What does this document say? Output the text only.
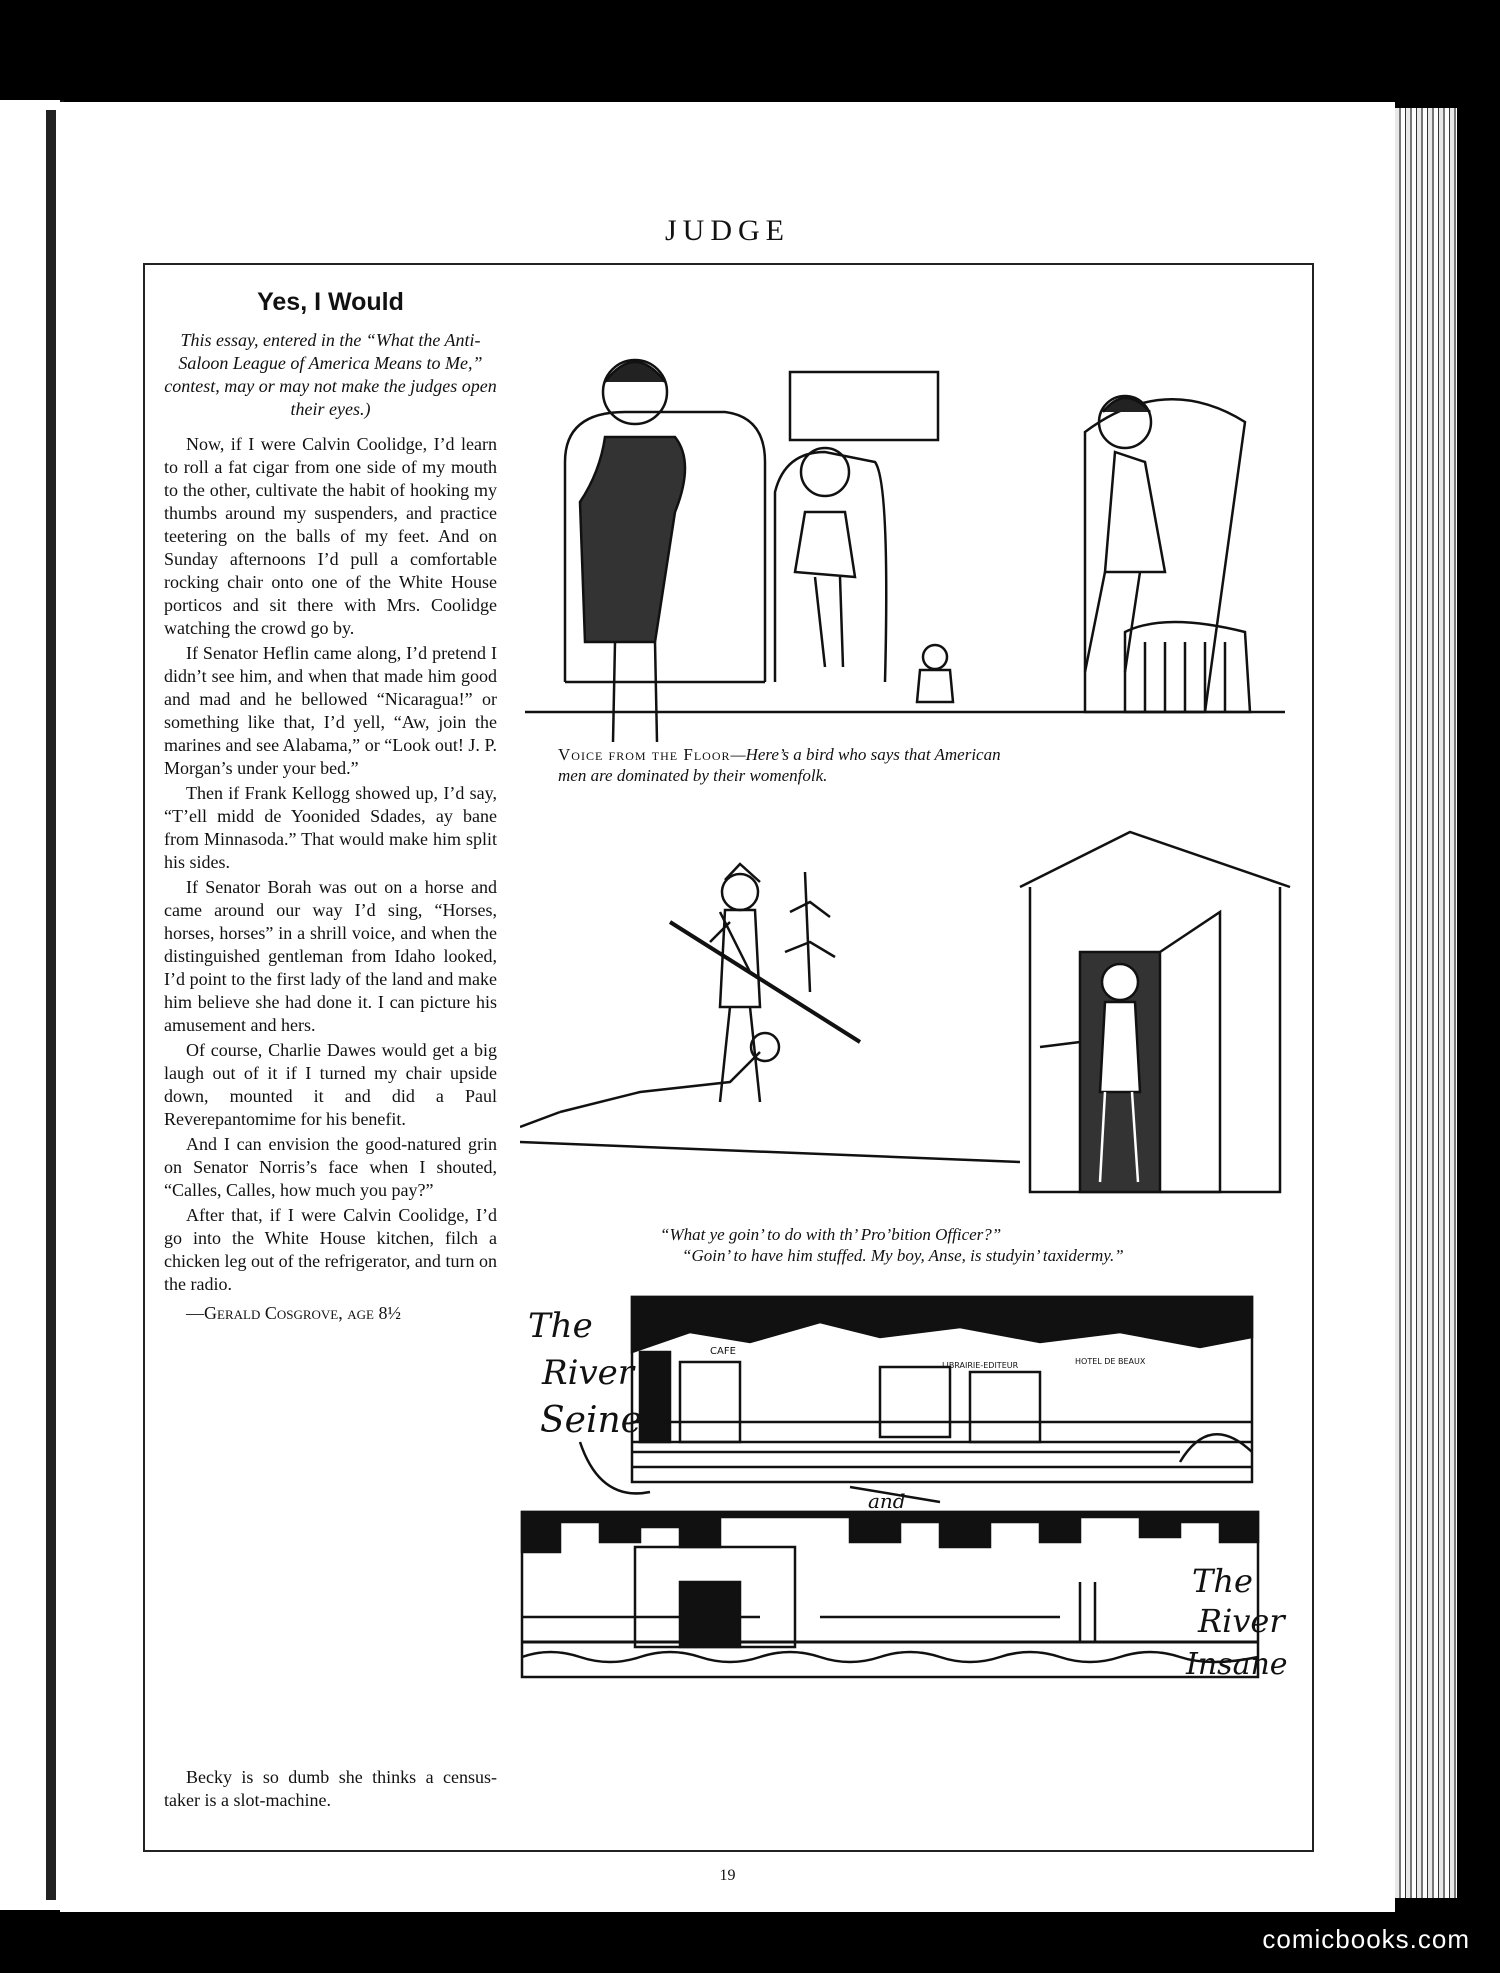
JUDGE
Yes, I Would

This essay, entered in the “What the Anti-Saloon League of America Means to Me,” contest, may or may not make the judges open their eyes.)

Now, if I were Calvin Coolidge, I’d learn to roll a fat cigar from one side of my mouth to the other, cultivate the habit of hooking my thumbs around my suspenders, and practice teetering on the balls of my feet. And on Sunday afternoons I’d pull a comfortable rocking chair onto one of the White House porticos and sit there with Mrs. Coolidge watching the crowd go by.

If Senator Heflin came along, I’d pretend I didn’t see him, and when that made him good and mad and he bellowed “Nicaragua!” or something like that, I’d yell, “Aw, join the marines and see Alabama,” or “Look out! J. P. Morgan’s under your bed.”

Then if Frank Kellogg showed up, I’d say, “T’ell midd de Yoonided Sdades, ay bane from Minnasoda.” That would make him split his sides.

If Senator Borah was out on a horse and came around our way I’d sing, “Horses, horses, horses” in a shrill voice, and when the distinguished gentleman from Idaho looked, I’d point to the first lady of the land and make him believe she had done it. I can picture his amusement and hers.

Of course, Charlie Dawes would get a big laugh out of it if I turned my chair upside down, mounted it and did a Paul Reverepantomime for his benefit.

And I can envision the good-natured grin on Senator Norris’s face when I shouted, “Calles, Calles, how much you pay?”

After that, if I were Calvin Coolidge, I’d go into the White House kitchen, filch a chicken leg out of the refrigerator, and turn on the radio.

—Gerald Cosgrove, age 8½

Becky is so dumb she thinks a census-taker is a slot-machine.

Voice from the Floor—Here’s a bird who says that American men are dominated by their womenfolk.
“What ye goin’ to do with th’ Pro’bition Officer?”
“Goin’ to have him stuffed. My boy, Anse, is studyin’ taxidermy.”
The
River
Seine
and
CAFE
LIBRAIRIE-EDITEUR	HOTEL DE BEAUX
The
River
Insane
19
comicbooks.com
